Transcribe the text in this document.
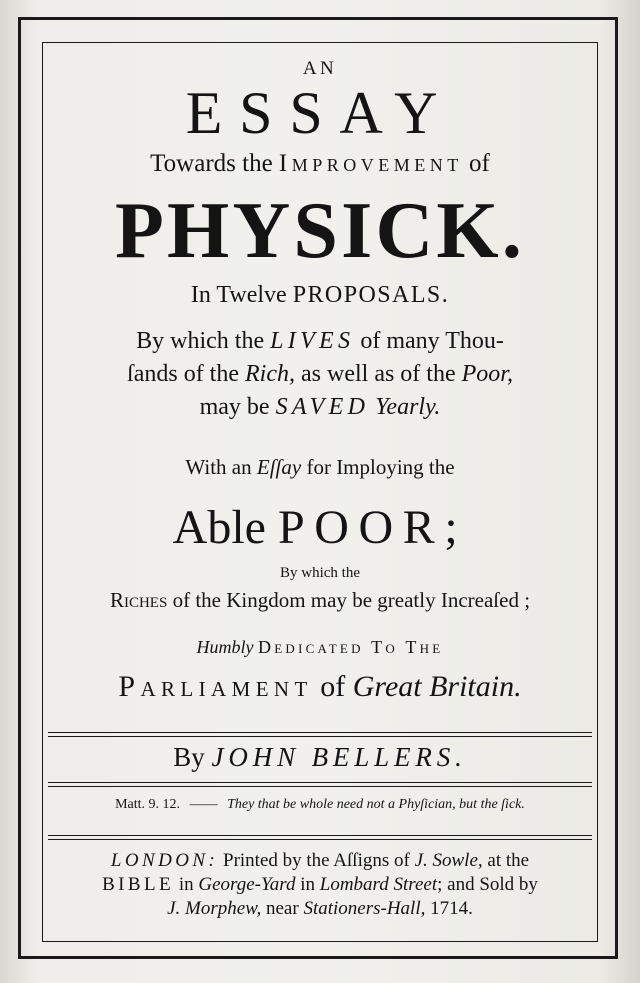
AN
ESSAY
Towards the Improvement of
PHYSICK.
In Twelve PROPOSALS.
By which the LIVES of many Thou-
ſands of the Rich, as well as of the Poor,
may be SAVED Yearly.
With an Eſſay for Imploying the
Able POOR;
By which the
Riches of the Kingdom may be greatly Increaſed ;
Humbly Dedicated To The
Parliament of Great Britain.
By JOHN BELLERS.
Matt. 9. 12. —— They that be whole need not a Phyſician, but the ſick.
LONDON: Printed by the Aſſigns of J. Sowle, at the
BIBLE in George-Yard in Lombard Street; and Sold by
J. Morphew, near Stationers-Hall, 1714.
